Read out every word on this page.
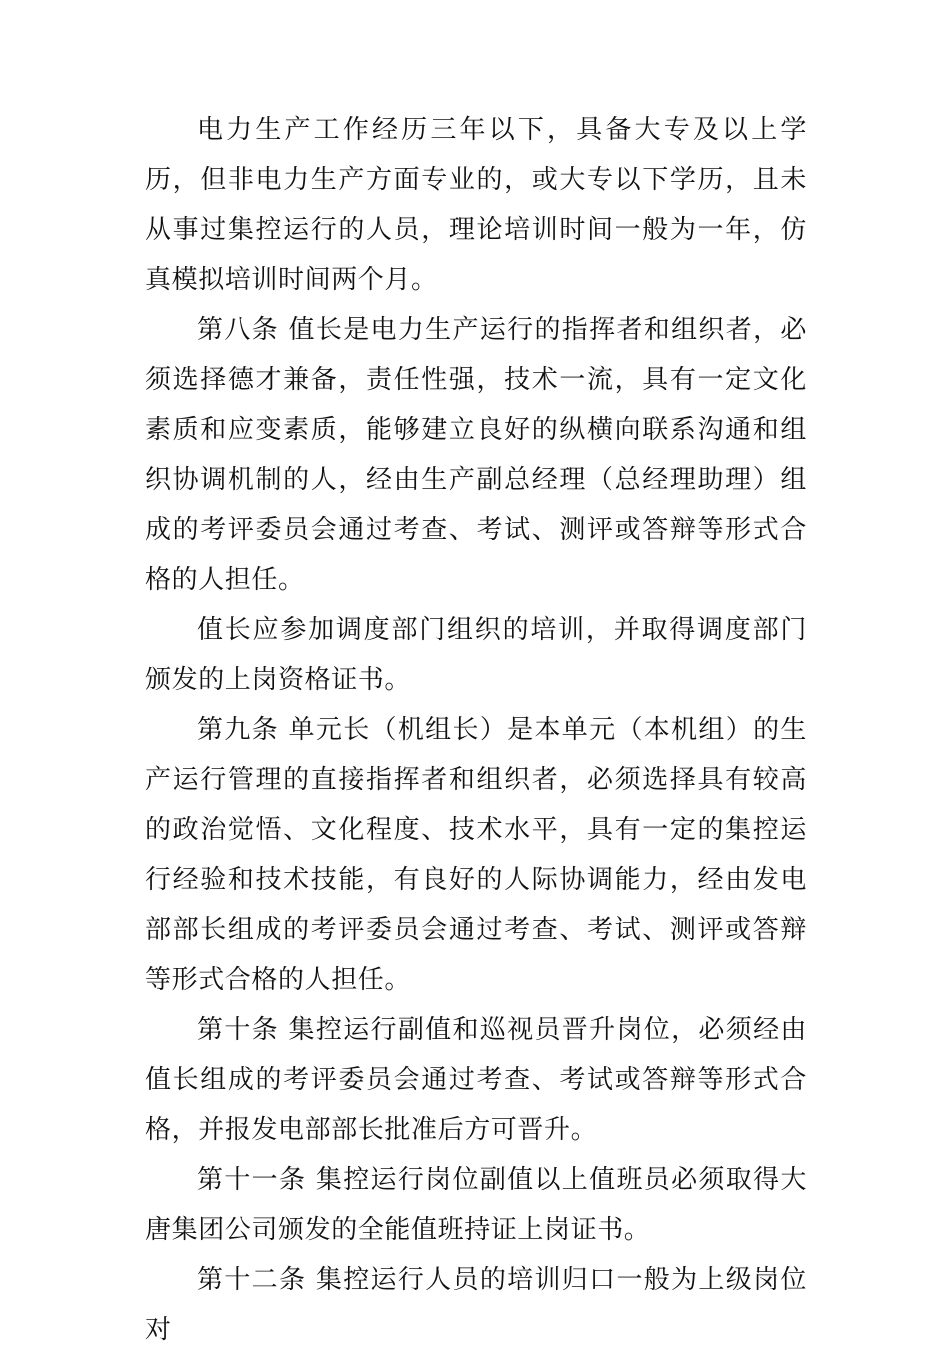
电力生产工作经历三年以下，具备大专及以上学历，但非电力生产方面专业的，或大专以下学历，且未从事过集控运行的人员，理论培训时间一般为一年，仿真模拟培训时间两个月。

第八条 值长是电力生产运行的指挥者和组织者，必须选择德才兼备，责任性强，技术一流，具有一定文化素质和应变素质，能够建立良好的纵横向联系沟通和组织协调机制的人，经由生产副总经理（总经理助理）组成的考评委员会通过考查、考试、测评或答辩等形式合格的人担任。

值长应参加调度部门组织的培训，并取得调度部门颁发的上岗资格证书。

第九条 单元长（机组长）是本单元（本机组）的生产运行管理的直接指挥者和组织者，必须选择具有较高的政治觉悟、文化程度、技术水平，具有一定的集控运行经验和技术技能，有良好的人际协调能力，经由发电部部长组成的考评委员会通过考查、考试、测评或答辩等形式合格的人担任。

第十条 集控运行副值和巡视员晋升岗位，必须经由值长组成的考评委员会通过考查、考试或答辩等形式合格，并报发电部部长批准后方可晋升。

第十一条 集控运行岗位副值以上值班员必须取得大唐集团公司颁发的全能值班持证上岗证书。

第十二条 集控运行人员的培训归口一般为上级岗位对
